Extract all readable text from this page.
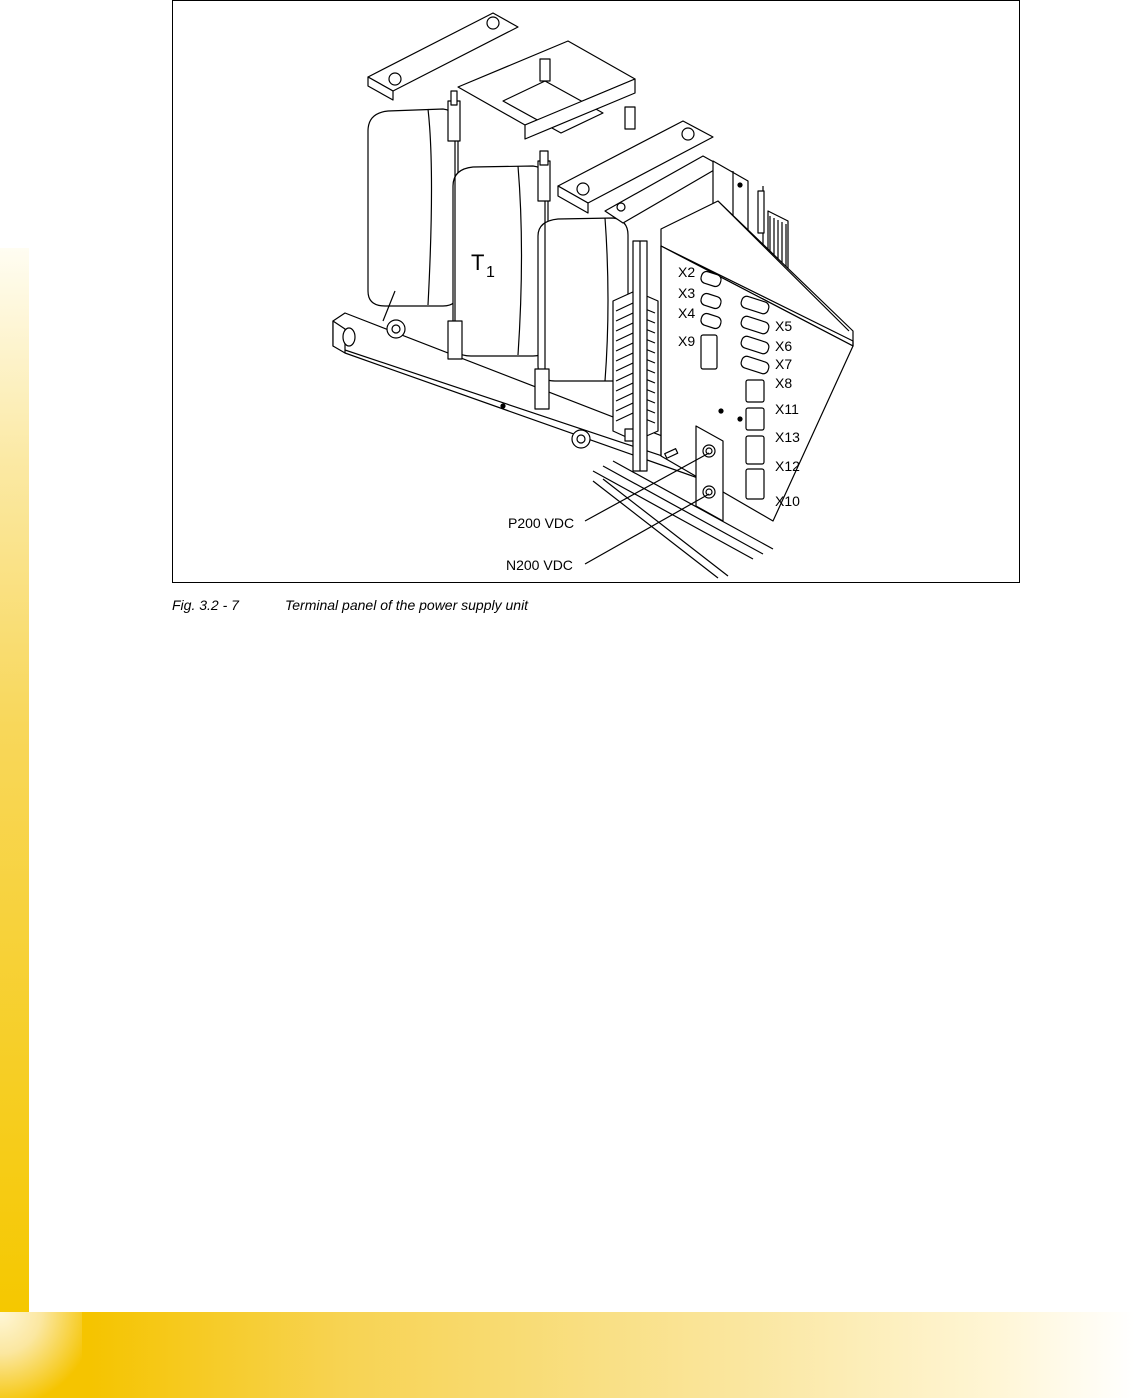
T 1	X2
X3
X4
X9
X5
X6
X7
X8
X11
X13
X12
X10
P200 VDC
N200 VDC
Fig. 3.2 - 7	Terminal panel of the power supply unit
